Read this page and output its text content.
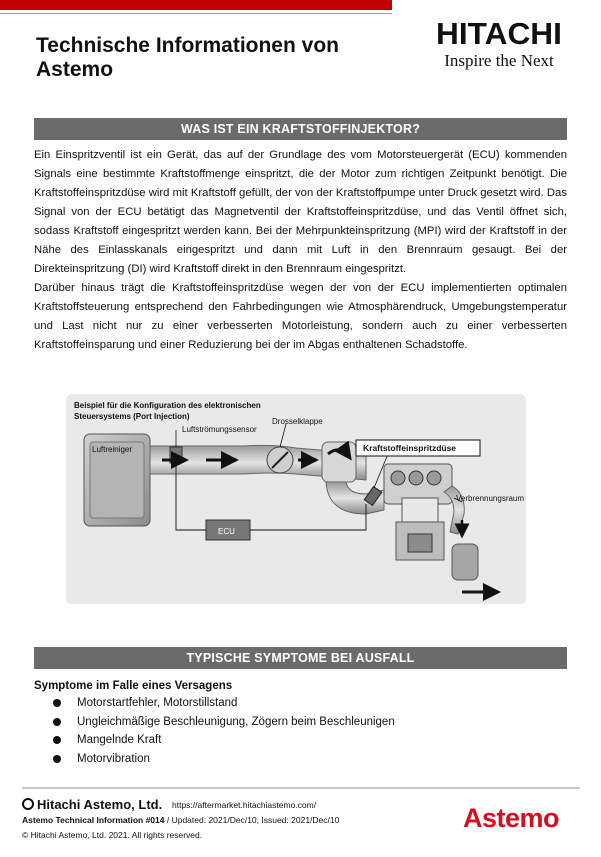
Technische Informationen von Astemo
HITACHI
Inspire the Next
WAS IST EIN KRAFTSTOFFINJEKTOR?

Ein Einspritzventil ist ein Gerät, das auf der Grundlage des vom Motorsteuergerät (ECU) kommenden Signals eine bestimmte Kraftstoffmenge einspritzt, die der Motor zum richtigen Zeitpunkt benötigt. Die Kraftstoffeinspritzdüse wird mit Kraftstoff gefüllt, der von der Kraftstoffpumpe unter Druck gesetzt wird. Das Signal von der ECU betätigt das Magnetventil der Kraftstoffeinspritzdüse, und das Ventil öffnet sich, sodass Kraftstoff eingespritzt werden kann. Bei der Mehrpunkteinspritzung (MPI) wird der Kraftstoff in der Nähe des Einlasskanals eingespritzt und dann mit Luft in den Brennraum gesaugt. Bei der Direkteinspritzung (DI) wird Kraftstoff direkt in den Brennraum eingespritzt.

Darüber hinaus trägt die Kraftstoffeinspritzdüse wegen der von der ECU implementierten optimalen Kraftstoffsteuerung entsprechend den Fahrbedingungen wie Atmosphärendruck, Umgebungstemperatur und Last nicht nur zu einer verbesserten Motorleistung, sondern auch zu einer verbesserten Kraftstoffeinsparung und einer Reduzierung bei der im Abgas enthaltenen Schadstoffe.

Beispiel für die Konfiguration des elektronischen
Steuersystems (Port Injection)
Luftreiniger
Luftströmungssensor
Drosselklappe
Kraftstoffeinspritzdüse
ECU
Verbrennungsraum
TYPISCHE SYMPTOME BEI AUSFALL
Symptome im Falle eines Versagens
Motorstartfehler, Motorstillstand
Ungleichmäßige Beschleunigung, Zögern beim Beschleunigen
Mangelnde Kraft
Motorvibration
Hitachi Astemo, Ltd. https://aftermarket.hitachiastemo.com/
Astemo Technical Information #014 / Updated: 2021/Dec/10, Issued: 2021/Dec/10
© Hitachi Astemo, Ltd. 2021. All rights reserved.
Astemo
